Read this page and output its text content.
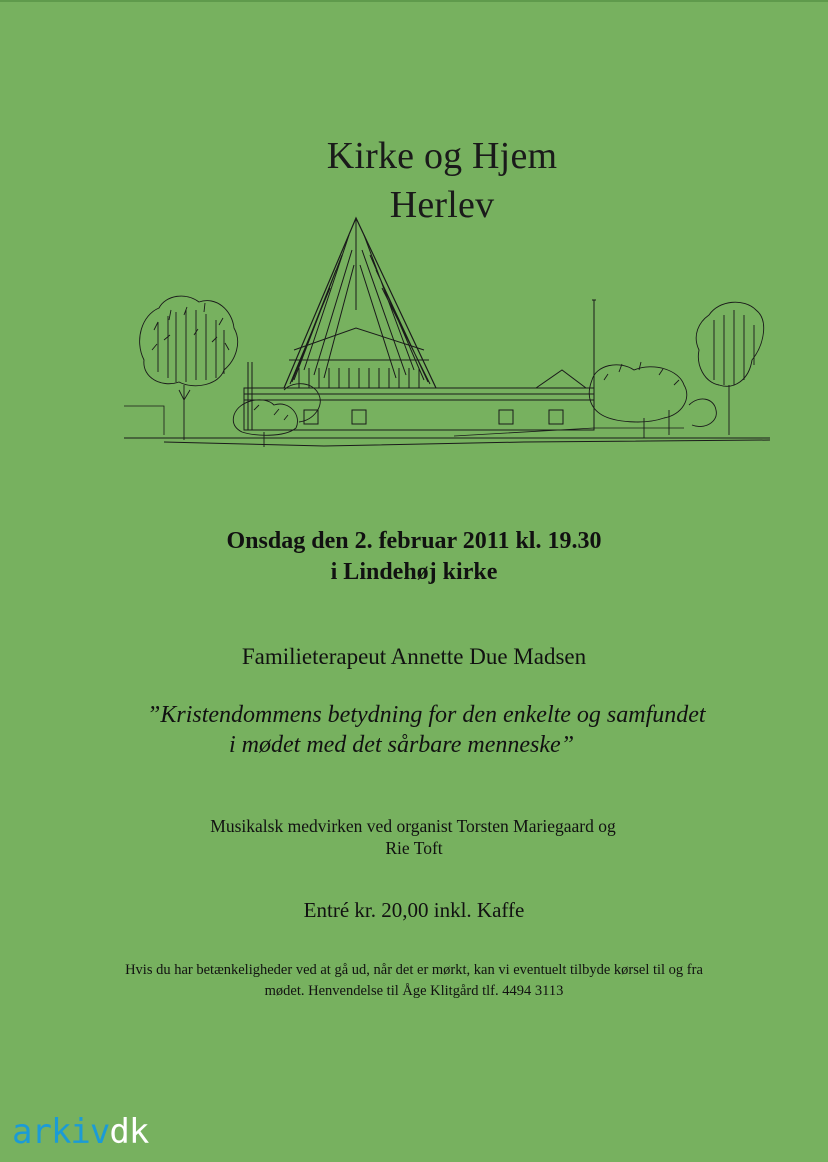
Kirke og Hjem
Herlev
Onsdag den 2. februar 2011 kl. 19.30
i Lindehøj kirke
Familieterapeut Annette Due Madsen
”Kristendommens betydning for den enkelte og samfundet
i mødet med det sårbare menneske”
Musikalsk medvirken ved organist Torsten Mariegaard og
Rie Toft
Entré kr. 20,00 inkl. Kaffe
Hvis du har betænkeligheder ved at gå ud, når det er mørkt, kan vi eventuelt tilbyde kørsel til og fra
mødet. Henvendelse til Åge Klitgård tlf. 4494 3113
arkivdk
